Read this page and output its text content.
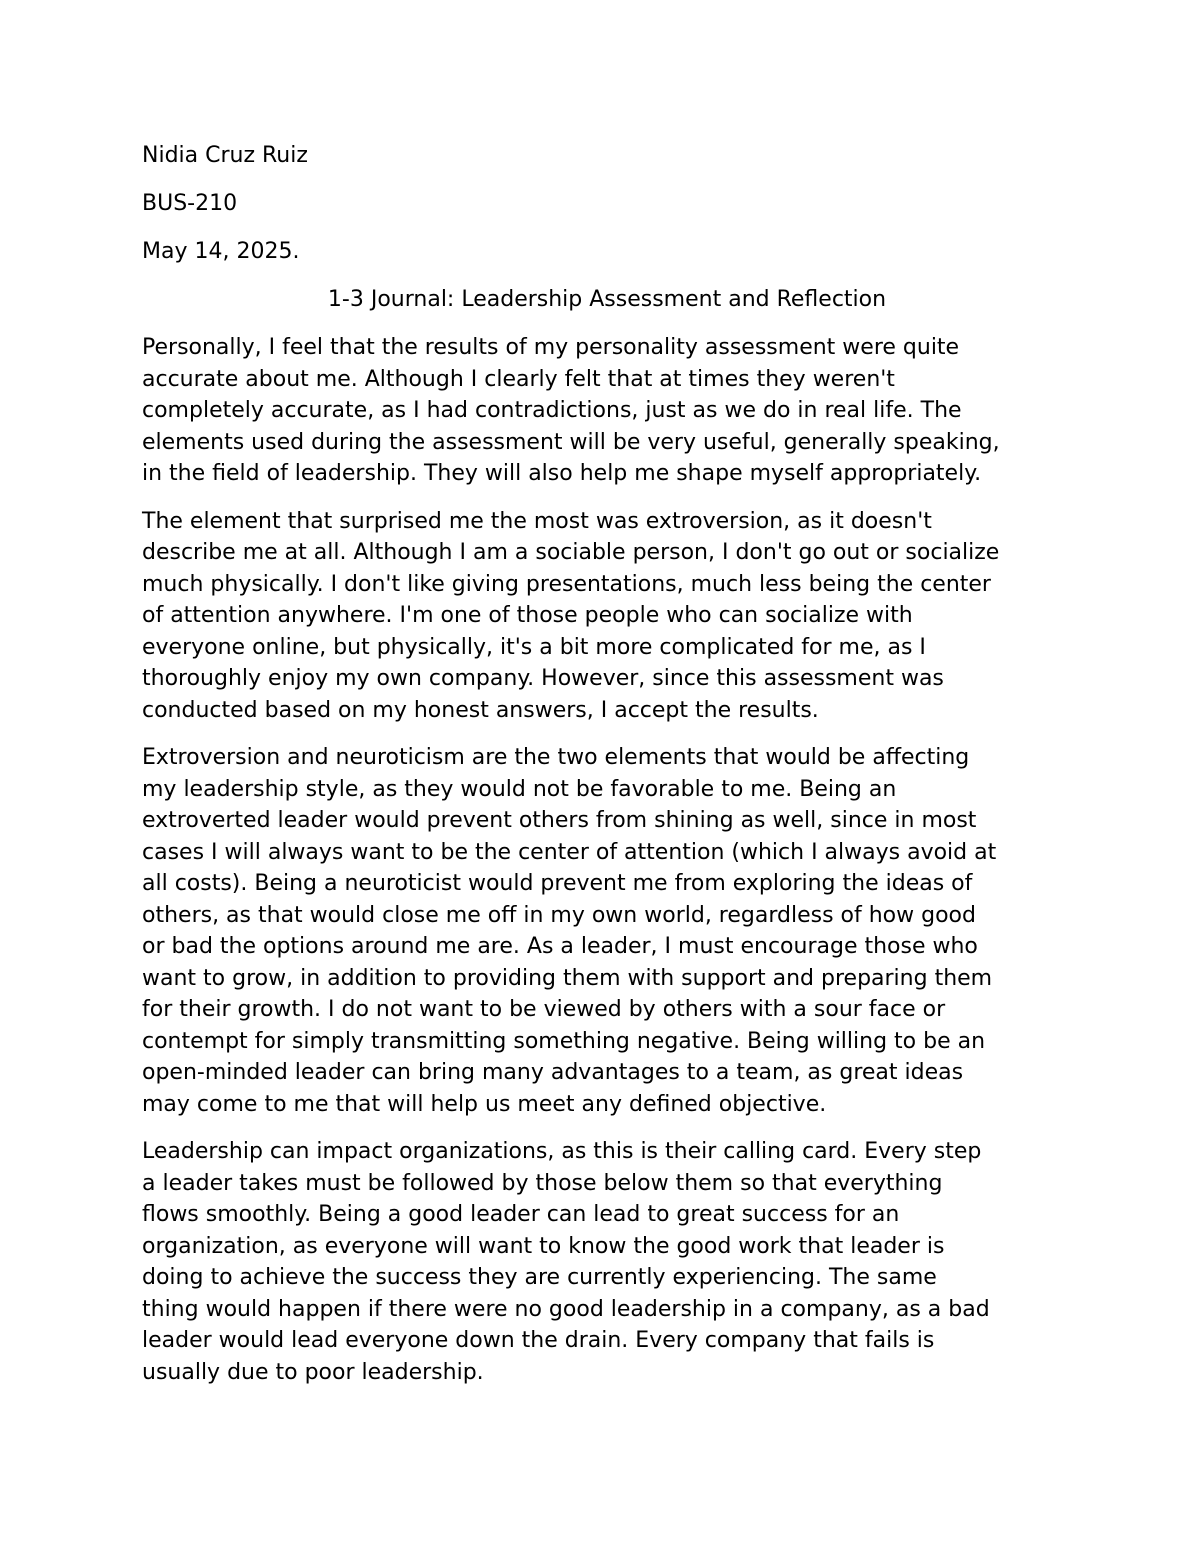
Nidia Cruz Ruiz
BUS-210
May 14, 2025.
1-3 Journal: Leadership Assessment and Reflection
Personally, I feel that the results of my personality assessment were quite
accurate about me. Although I clearly felt that at times they weren't
completely accurate, as I had contradictions, just as we do in real life. The
elements used during the assessment will be very useful, generally speaking,
in the field of leadership. They will also help me shape myself appropriately.
The element that surprised me the most was extroversion, as it doesn't
describe me at all. Although I am a sociable person, I don't go out or socialize
much physically. I don't like giving presentations, much less being the center
of attention anywhere. I'm one of those people who can socialize with
everyone online, but physically, it's a bit more complicated for me, as I
thoroughly enjoy my own company. However, since this assessment was
conducted based on my honest answers, I accept the results.
Extroversion and neuroticism are the two elements that would be affecting
my leadership style, as they would not be favorable to me. Being an
extroverted leader would prevent others from shining as well, since in most
cases I will always want to be the center of attention (which I always avoid at
all costs). Being a neuroticist would prevent me from exploring the ideas of
others, as that would close me off in my own world, regardless of how good
or bad the options around me are. As a leader, I must encourage those who
want to grow, in addition to providing them with support and preparing them
for their growth. I do not want to be viewed by others with a sour face or
contempt for simply transmitting something negative. Being willing to be an
open-minded leader can bring many advantages to a team, as great ideas
may come to me that will help us meet any defined objective.
Leadership can impact organizations, as this is their calling card. Every step
a leader takes must be followed by those below them so that everything
flows smoothly. Being a good leader can lead to great success for an
organization, as everyone will want to know the good work that leader is
doing to achieve the success they are currently experiencing. The same
thing would happen if there were no good leadership in a company, as a bad
leader would lead everyone down the drain. Every company that fails is
usually due to poor leadership.
